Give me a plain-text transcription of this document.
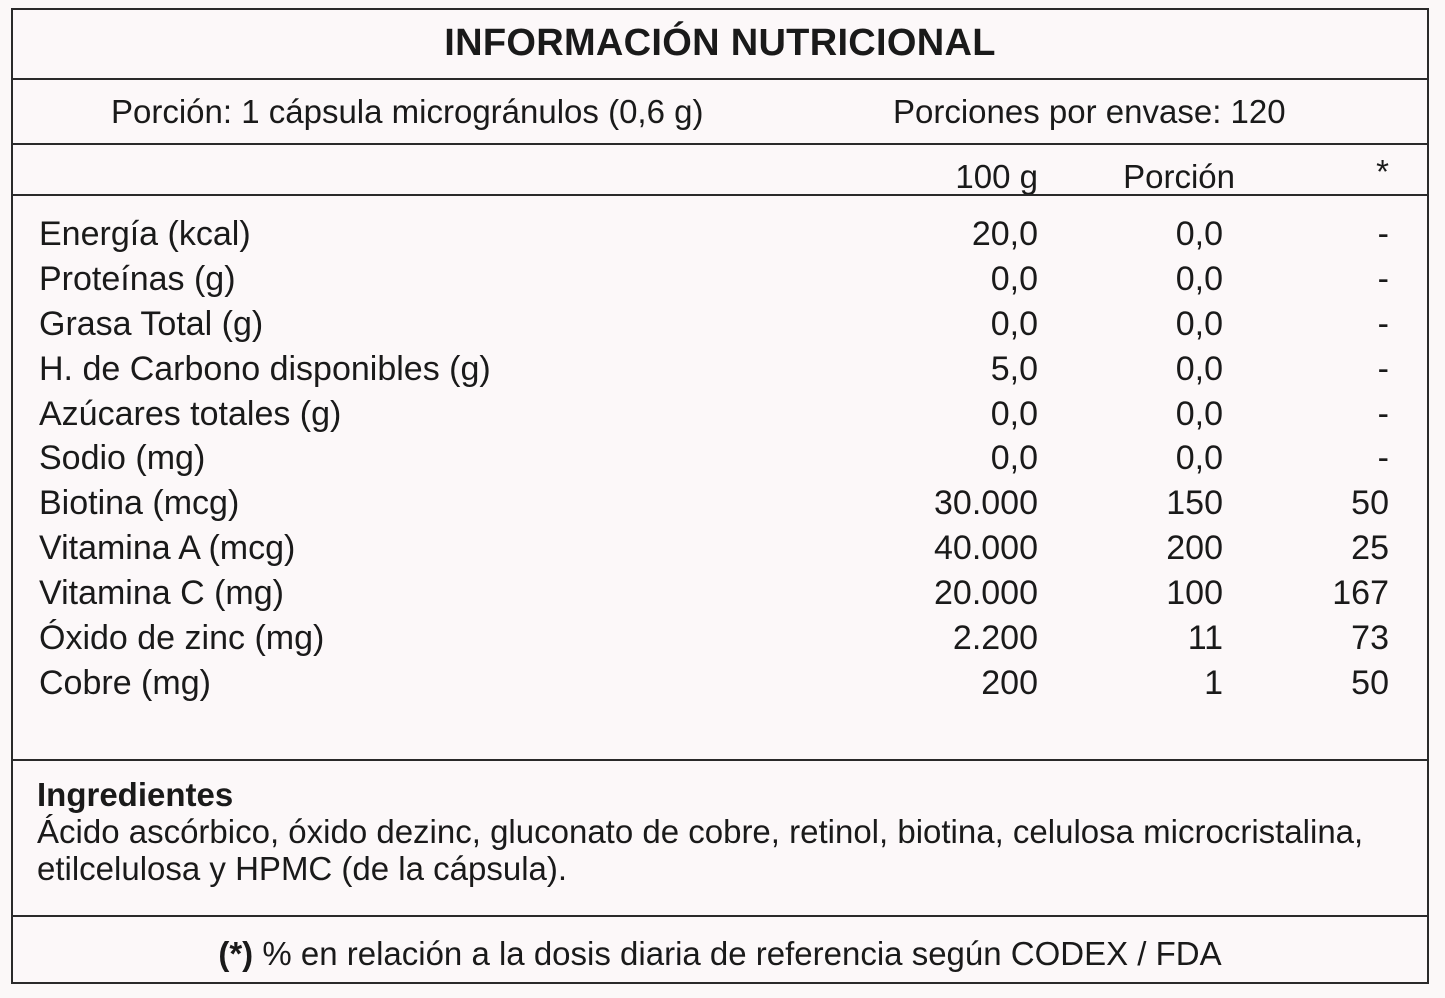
INFORMACIÓN NUTRICIONAL
Porción: 1 cápsula microgránulos (0,6 g)	Porciones por envase: 120
100 g	Porción	*
Energía (kcal)	20,0	0,0	-
Proteínas (g)	0,0	0,0	-
Grasa Total (g)	0,0	0,0	-
H. de Carbono disponibles (g)	5,0	0,0	-
Azúcares totales (g)	0,0	0,0	-
Sodio (mg)	0,0	0,0	-
Biotina (mcg)	30.000	150	50
Vitamina A (mcg)	40.000	200	25
Vitamina C (mg)	20.000	100	167
Óxido de zinc (mg)	2.200	11	73
Cobre (mg)	200	1	50
Ingredientes
Ácido ascórbico, óxido dezinc, gluconato de cobre, retinol, biotina, celulosa microcristalina, etilcelulosa y HPMC (de la cápsula).
(*) % en relación a la dosis diaria de referencia según CODEX / FDA
